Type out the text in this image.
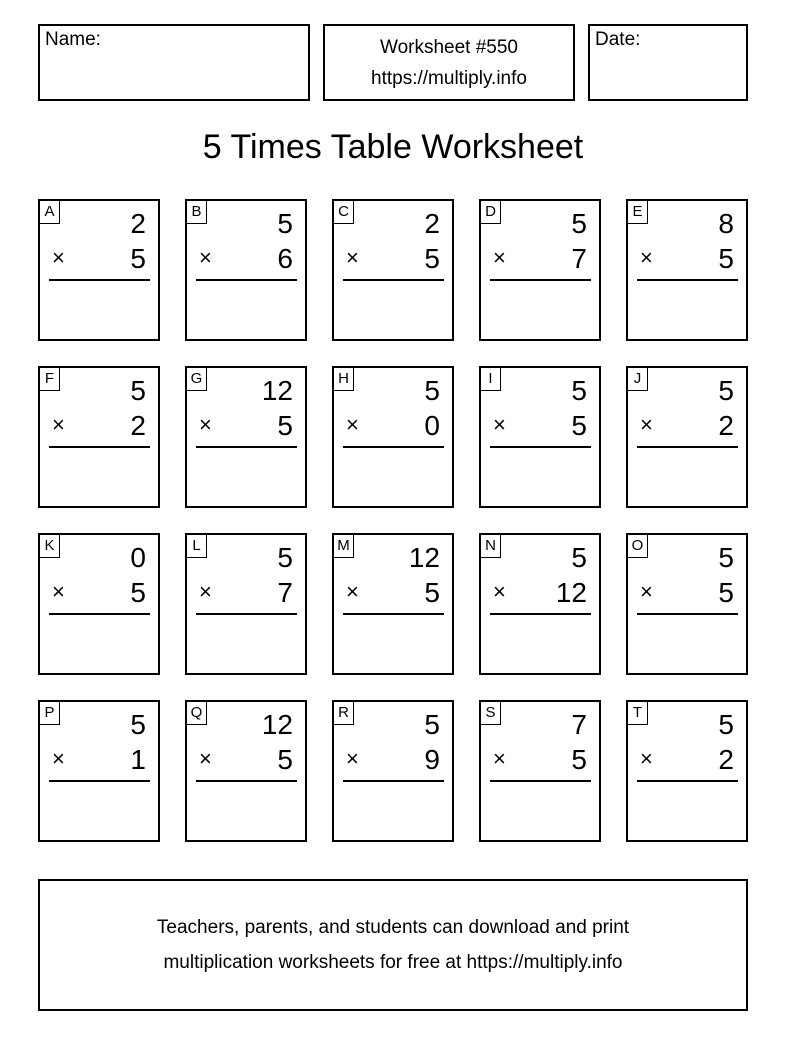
Name:	Worksheet #550
https://multiply.info
Date:
5 Times Table Worksheet
A	2
× 5
B	5
× 6
C	2
× 5
D	5
× 7
E	8
× 5
F	5
× 2
G 12
× 5
H	5
× 0
I	5
× 5
J	5
× 2
K	0
× 5
L	5
× 7
M 12
× 5
N	5
× 12
O	5
× 5
P	5
× 1
Q 12
× 5
R	5
× 9
S	7
× 5
T	5
× 2
Teachers, parents, and students can download and print
multiplication worksheets for free at https://multiply.info
